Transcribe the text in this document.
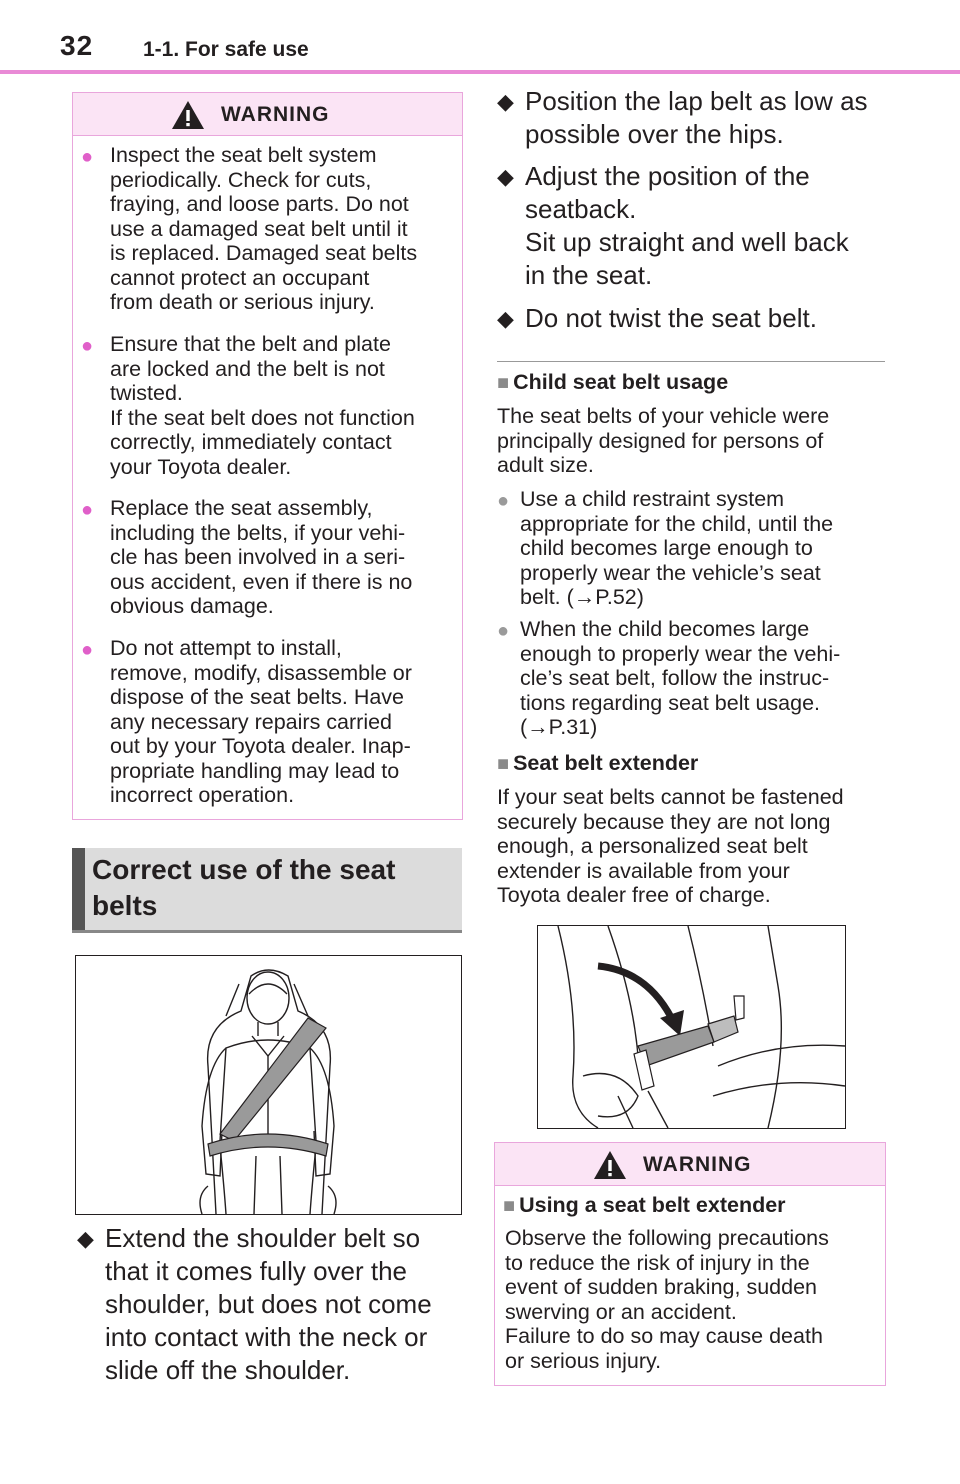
32 1-1. For safe use
WARNING
● Inspect the seat belt system
periodically. Check for cuts,
fraying, and loose parts. Do not
use a damaged seat belt until it
is replaced. Damaged seat belts
cannot protect an occupant
from death or serious injury.
● Ensure that the belt and plate
are locked and the belt is not
twisted.
If the seat belt does not function
correctly, immediately contact
your Toyota dealer.
● Replace the seat assembly,
including the belts, if your vehi-
cle has been involved in a seri-
ous accident, even if there is no
obvious damage.
● Do not attempt to install,
remove, modify, disassemble or
dispose of the seat belts. Have
any necessary repairs carried
out by your Toyota dealer. Inap-
propriate handling may lead to
incorrect operation.
Correct use of the seat
belts
◆ Extend the shoulder belt so
that it comes fully over the
shoulder, but does not come
into contact with the neck or
slide off the shoulder.
◆ Position the lap belt as low as
possible over the hips.
◆ Adjust the position of the
seatback.
Sit up straight and well back
in the seat.
◆ Do not twist the seat belt.
■ Child seat belt usage
The seat belts of your vehicle were
principally designed for persons of
adult size.
● Use a child restraint system
appropriate for the child, until the
child becomes large enough to
properly wear the vehicle’s seat
belt. (→P.52)
● When the child becomes large
enough to properly wear the vehi-
cle’s seat belt, follow the instruc-
tions regarding seat belt usage.
(→P.31)
■ Seat belt extender
If your seat belts cannot be fastened
securely because they are not long
enough, a personalized seat belt
extender is available from your
Toyota dealer free of charge.
WARNING
■ Using a seat belt extender
Observe the following precautions
to reduce the risk of injury in the
event of sudden braking, sudden
swerving or an accident.
Failure to do so may cause death
or serious injury.
